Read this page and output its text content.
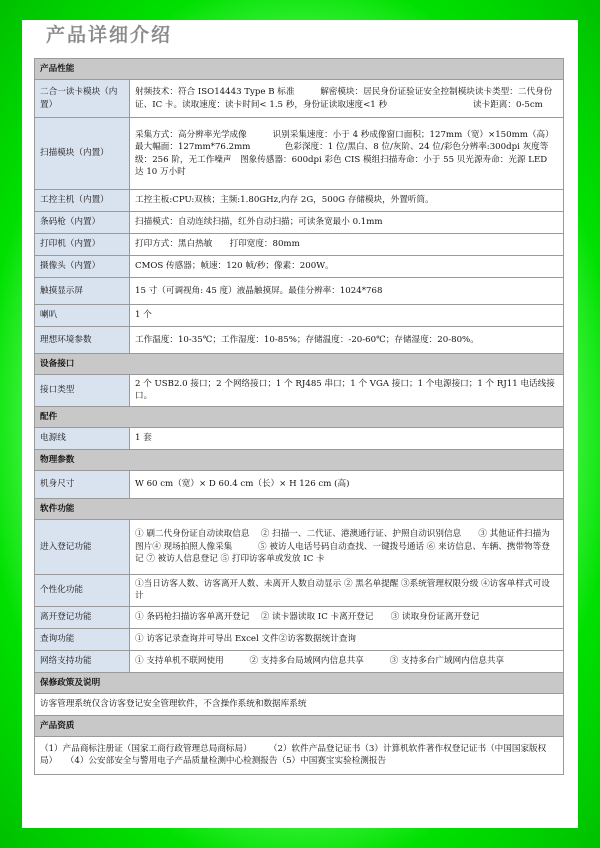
产品详细介绍
产品性能	
二合一读卡模块（内置）	射频技术：符合 ISO14443 Type B 标准　　　解密模块：居民身份证验证安全控制模块读卡类型：二代身份证、IC 卡。读取速度：读卡时间< 1.5 秒，身份证读取速度<1 秒　　　　　　　　　　读卡距离：0-5cm
扫描模块（内置）	采集方式：高分辨率光学成像　　　识别采集速度：小于 4 秒成像窗口面积；127mm（宽）×150mm（高）最大幅面：127mm*76.2mm　　　　色彩深度：1 位/黑白、8 位/灰阶、24 位/彩色分辨率:300dpi 灰度等级：256 阶，无工作噪声　图象传感器：600dpi 彩色 CIS 模组扫描寿命：小于 55 贝光源寿命：光源 LED 达 10 万小时
工控主机（内置）	工控主板:CPU:双核；主频:1.80GHz,内存 2G，500G 存储模块，外置听筒。
条码枪（内置）	扫描模式：自动连续扫描，红外自动扫描；可读条宽最小 0.1mm
打印机（内置）	打印方式：黑白热敏　　打印宽度：80mm
摄像头（内置）	CMOS 传感器；帧速：120 帧/秒；像素：200W。
触摸显示屏	15 寸（可调视角: 45 度）液晶触摸屏。最佳分辨率：1024*768
喇叭	1 个
理想环境参数	工作温度：10-35℃；工作湿度：10-85%；存储温度：-20-60℃；存储湿度：20-80%。
设备接口	
接口类型	2 个 USB2.0 接口；2 个网络接口；1 个 RJ485 串口；1 个 VGA 接口；1 个电源接口；1 个 RJ11 电话线接口。
配件	
电源线	1 套
物理参数	
机身尺寸	W 60 cm（宽）× D 60.4 cm（长）× H 126 cm (高)
软件功能	
进入登记功能	① 刷二代身份证自动读取信息　 ② 扫描一、二代证、港澳通行证、护照自动识别信息　　③ 其他证件扫描为图片④ 现场拍照人像采集　　　⑤ 被访人电话号码自动查找、一键拨号通话 ⑥ 来访信息、车辆、携带物等登记 ⑦ 被访人信息登记 ⑤ 打印访客单或发放 IC 卡
个性化功能	①当日访客人数、访客离开人数、未离开人数自动显示 ② 黑名单提醒 ③系统管理权限分级 ④访客单样式可设计
离开登记功能	① 条码枪扫描访客单离开登记　 ② 读卡器读取 IC 卡离开登记　　③ 读取身份证离开登记
查询功能	① 访客记录查询并可导出 Excel 文件②访客数据统计查询
网络支持功能	① 支持单机不联网使用　　　② 支持多台局域网内信息共享　　　③ 支持多台广域网内信息共享
保修政策及说明	
访客管理系统仅含访客登记安全管理软件，不含操作系统和数据库系统	
产品资质	
（1）产品商标注册证（国家工商行政管理总局商标局）　　　（2）软件产品登记证书（3）计算机软件著作权登记证书（中国国家版权局）　　（4）公安部安全与警用电子产品质量检测中心检测报告（5）中国赛宝实验检测报告	
